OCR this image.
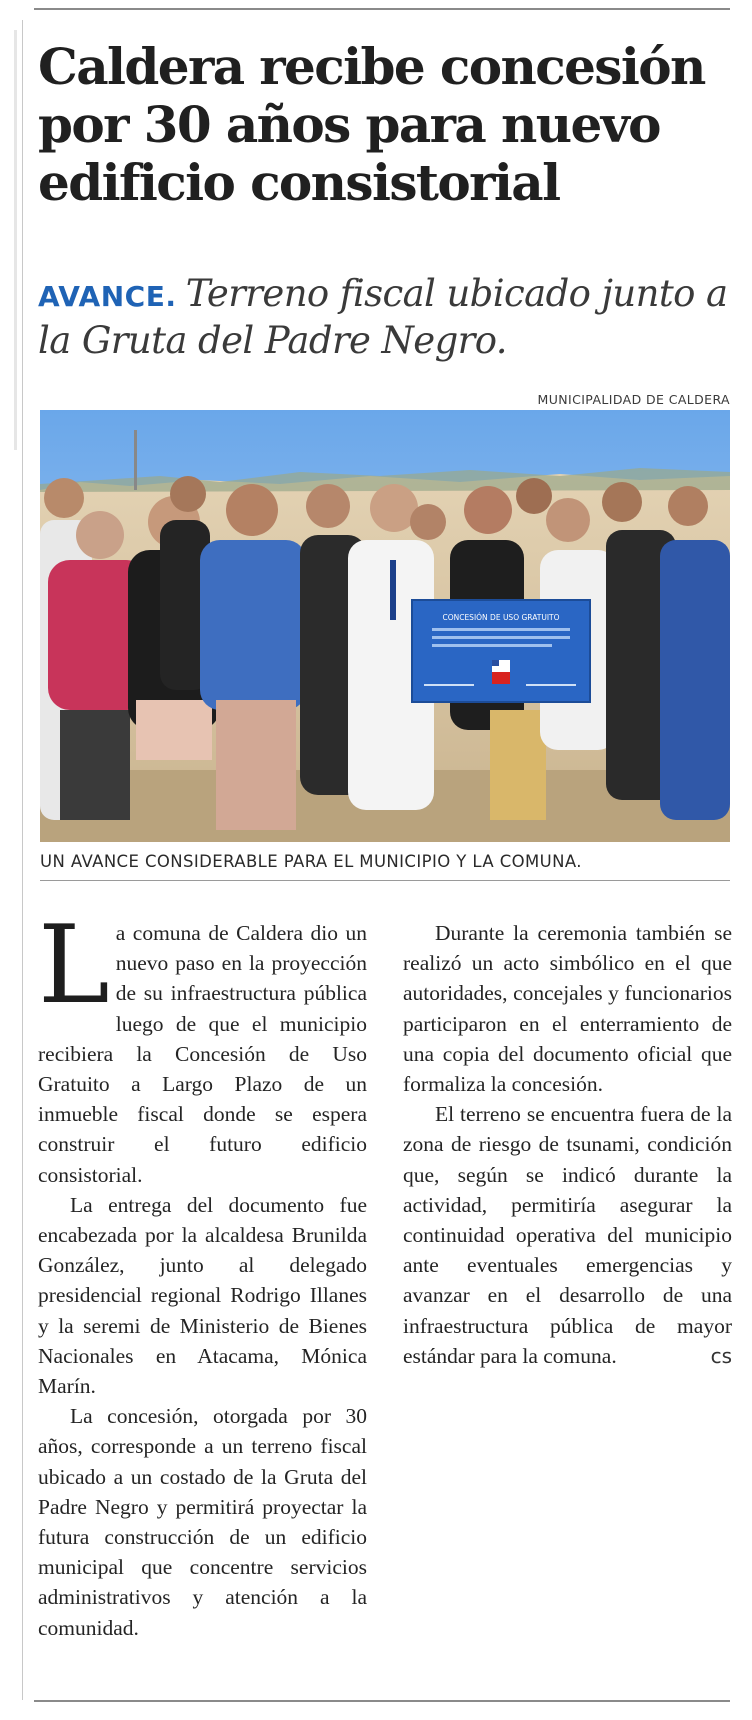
Caldera recibe concesión por 30 años para nuevo edificio consistorial

AVANCE. Terreno fiscal ubicado junto a la Gruta del Padre Negro.

MUNICIPALIDAD DE CALDERA

CONCESIÓN DE USO GRATUITO

UN AVANCE CONSIDERABLE PARA EL MUNICIPIO Y LA COMUNA.

La comuna de Caldera dio un nuevo paso en la proyección de su infraestructura pública luego de que el municipio recibiera la Concesión de Uso Gratuito a Largo Plazo de un inmueble fiscal donde se espera construir el futuro edificio consistorial.

La entrega del documento fue encabezada por la alcaldesa Brunilda González, junto al delegado presidencial regional Rodrigo Illanes y la seremi de Ministerio de Bienes Nacionales en Atacama, Mónica Marín.

La concesión, otorgada por 30 años, corresponde a un terreno fiscal ubicado a un costado de la Gruta del Padre Negro y permitirá proyectar la futura construcción de un edificio municipal que concentre servicios administrativos y atención a la comunidad.

Durante la ceremonia también se realizó un acto simbólico en el que autoridades, concejales y funcionarios participaron en el enterramiento de una copia del documento oficial que formaliza la concesión.

El terreno se encuentra fuera de la zona de riesgo de tsunami, condición que, según se indicó durante la actividad, permitiría asegurar la continuidad operativa del municipio ante eventuales emergencias y avanzar en el desarrollo de una infraestructura pública de mayor estándar para la comuna.	cs
